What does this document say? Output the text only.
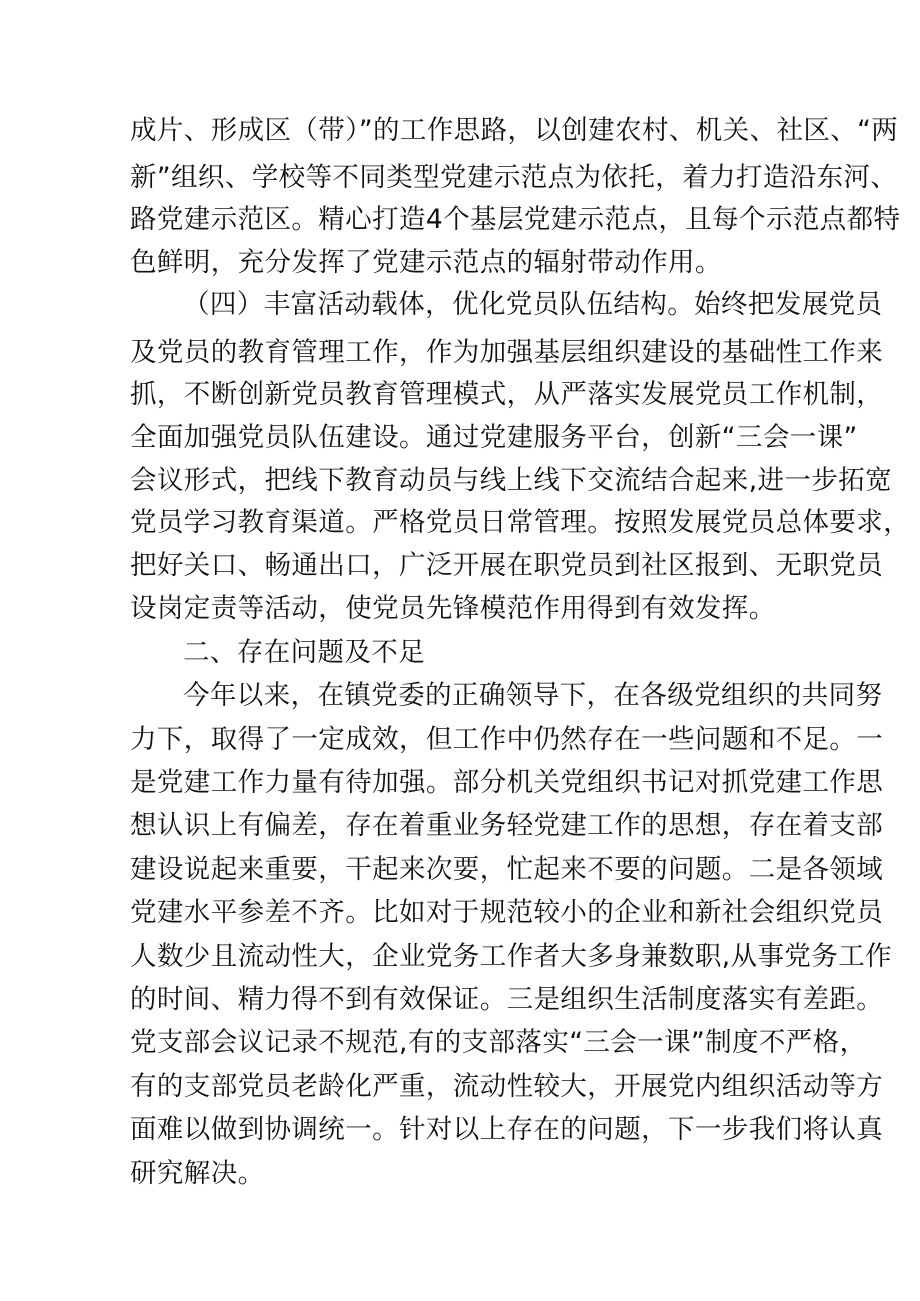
成片、形成区（带）”的工作思路，以创建农村、机关、社区、“两
新”组织、学校等不同类型党建示范点为依托，着力打造沿东河、
路党建示范区。精心打造4个基层党建示范点，且每个示范点都特
色鲜明，充分发挥了党建示范点的辐射带动作用。
（四）丰富活动载体，优化党员队伍结构。始终把发展党员
及党员的教育管理工作，作为加强基层组织建设的基础性工作来
抓，不断创新党员教育管理模式，从严落实发展党员工作机制，
全面加强党员队伍建设。通过党建服务平台，创新“三会一课”
会议形式，把线下教育动员与线上线下交流结合起来,进一步拓宽
党员学习教育渠道。严格党员日常管理。按照发展党员总体要求，
把好关口、畅通出口，广泛开展在职党员到社区报到、无职党员
设岗定责等活动，使党员先锋模范作用得到有效发挥。
二、存在问题及不足
今年以来，在镇党委的正确领导下，在各级党组织的共同努
力下，取得了一定成效，但工作中仍然存在一些问题和不足。一
是党建工作力量有待加强。部分机关党组织书记对抓党建工作思
想认识上有偏差，存在着重业务轻党建工作的思想，存在着支部
建设说起来重要，干起来次要，忙起来不要的问题。二是各领域
党建水平参差不齐。比如对于规范较小的企业和新社会组织党员
人数少且流动性大，企业党务工作者大多身兼数职,从事党务工作
的时间、精力得不到有效保证。三是组织生活制度落实有差距。
党支部会议记录不规范,有的支部落实“三会一课”制度不严格，
有的支部党员老龄化严重，流动性较大，开展党内组织活动等方
面难以做到协调统一。针对以上存在的问题，下一步我们将认真
研究解决。
